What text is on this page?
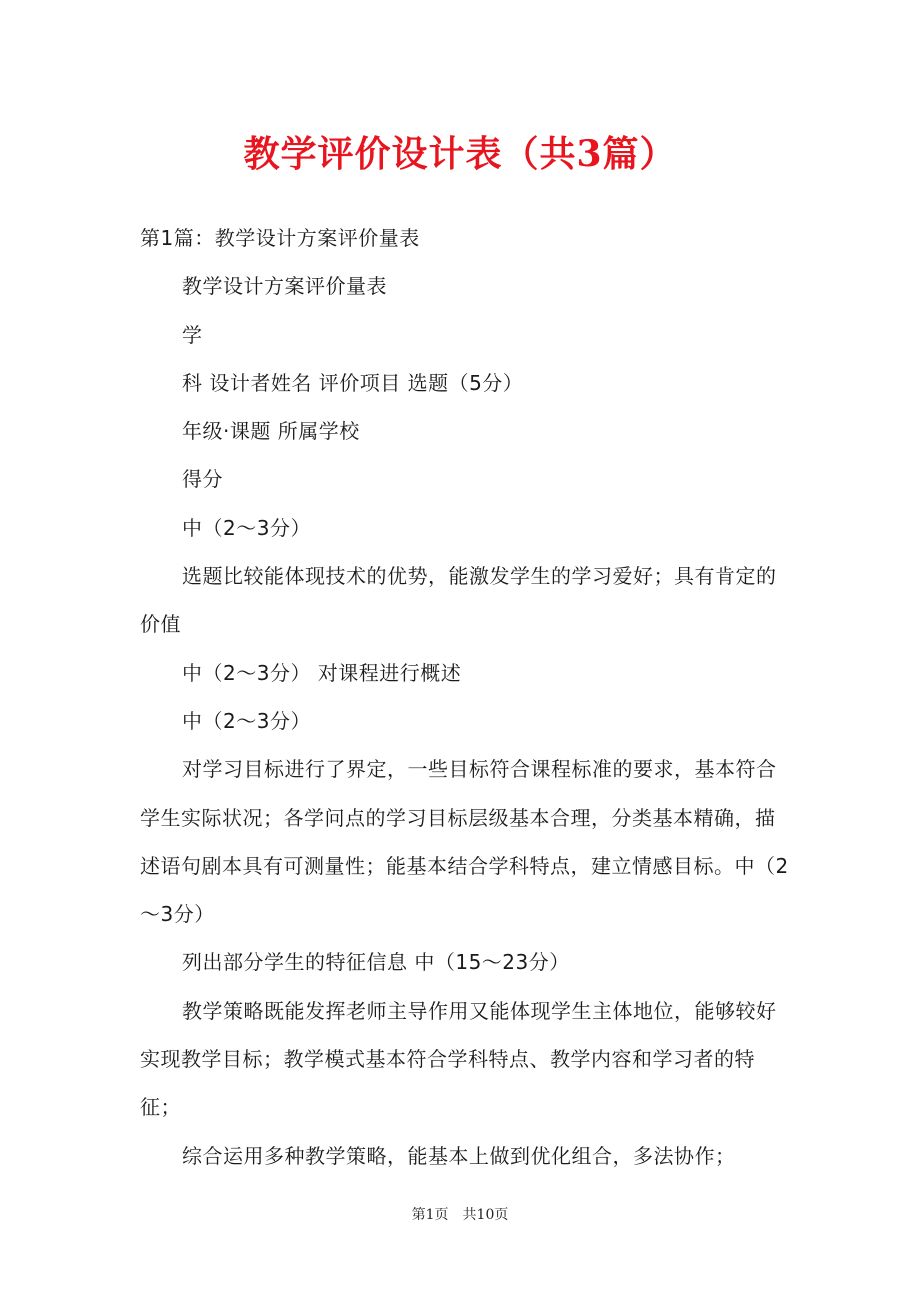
教学评价设计表（共3篇）

第1篇：教学设计方案评价量表

教学设计方案评价量表

学

科 设计者姓名 评价项目 选题（5分）

年级·课题 所属学校

得分

中（2～3分）

选题比较能体现技术的优势，能激发学生的学习爱好；具有肯定的价值

中（2～3分） 对课程进行概述

中（2～3分）

对学习目标进行了界定，一些目标符合课程标准的要求，基本符合学生实际状况；各学问点的学习目标层级基本合理，分类基本精确，描述语句剧本具有可测量性；能基本结合学科特点，建立情感目标。中（2～3分）

列出部分学生的特征信息 中（15～23分）

教学策略既能发挥老师主导作用又能体现学生主体地位，能够较好实现教学目标；教学模式基本符合学科特点、教学内容和学习者的特征；

综合运用多种教学策略，能基本上做到优化组合，多法协作；

第1页 共10页
